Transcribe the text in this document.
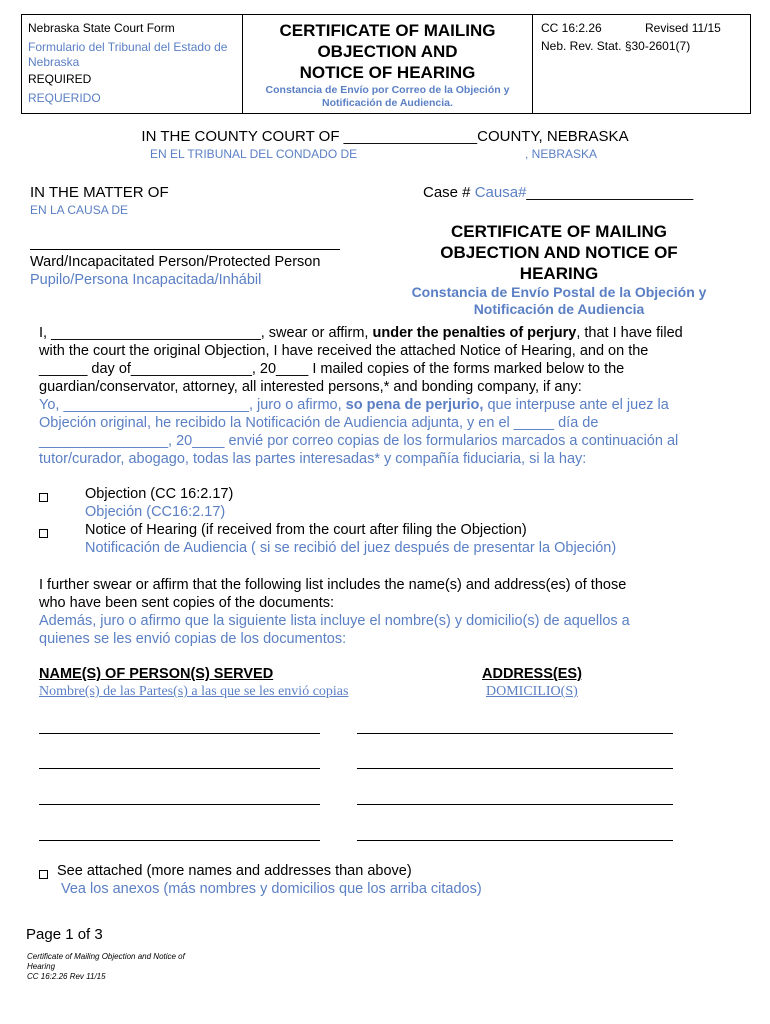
Nebraska State Court Form
Formulario del Tribunal del Estado de Nebraska
REQUIRED
REQUERIDO
CERTIFICATE OF MAILING
OBJECTION AND
NOTICE OF HEARING
Constancia de Envío por Correo de la Objeción y
Notificación de Audiencia.
CC 16:2.26	Revised 11/15
Neb. Rev. Stat. §30-2601(7)
IN THE COUNTY COURT OF ________________COUNTY, NEBRASKA
EN EL TRIBUNAL DEL CONDADO DE	, NEBRASKA
IN THE MATTER OF
EN LA CAUSA DE
Case # Causa#____________________
Ward/Incapacitated Person/Protected Person
Pupilo/Persona Incapacitada/Inhábil
CERTIFICATE OF MAILING
OBJECTION AND NOTICE OF
HEARING
Constancia de Envío Postal de la Objeción y
Notificación de Audiencia
I, __________________________, swear or affirm, under the penalties of perjury, that I have filed
with the court the original Objection, I have received the attached Notice of Hearing, and on the
______ day of_______________, 20____ I mailed copies of the forms marked below to the
guardian/conservator, attorney, all interested persons,* and bonding company, if any:
Yo, _______________________, juro o afirmo, so pena de perjurio, que interpuse ante el juez la
Objeción original, he recibido la Notificación de Audiencia adjunta, y en el _____ día de
________________, 20____ envié por correo copias de los formularios marcados a continuación al
tutor/curador, abogago, todas las partes interesadas* y compañía fiduciaria, si la hay:
Objection (CC 16:2.17)
Objeción (CC16:2.17)
Notice of Hearing (if received from the court after filing the Objection)
Notificación de Audiencia ( si se recibió del juez después de presentar la Objeción)
I further swear or affirm that the following list includes the name(s) and address(es) of those
who have been sent copies of the documents:
Además, juro o afirmo que la siguiente lista incluye el nombre(s) y domicilio(s) de aquellos a
quienes se les envió copias de los documentos:
NAME(S) OF PERSON(S) SERVED
Nombre(s) de las Partes(s) a las que se les envió copias
ADDRESS(ES)
DOMICILIO(S)
See attached (more names and addresses than above)
Vea los anexos (más nombres y domicilios que los arriba citados)
Page 1 of 3
Certificate of Mailing Objection and Notice of
Hearing
CC 16:2.26 Rev 11/15
